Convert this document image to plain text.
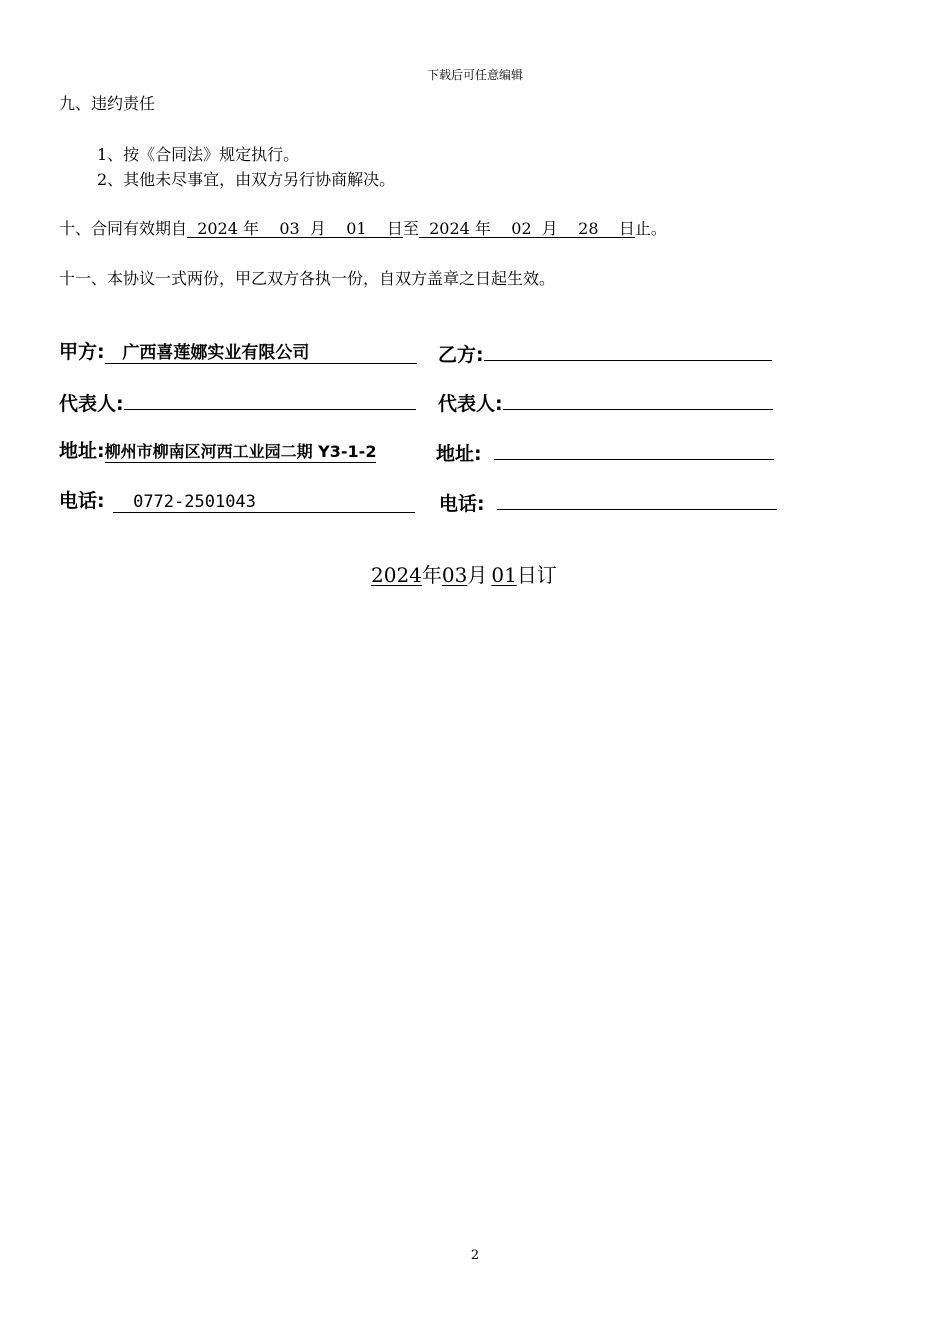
下载后可任意编辑
九、违约责任
1、按《合同法》规定执行。
2、其他未尽事宜，由双方另行协商解决。
十、合同有效期自  2024 年    03  月    01    日至  2024 年    02  月    28    日止。
十一、本协议一式两份，甲乙双方各执一份，自双方盖章之日起生效。
甲方:   广西喜莲娜实业有限公司	乙方:
代表人:	代表人:
地址:柳州市柳南区河西工业园二期 Y3-1-2	地址:
电话:  0772-2501043	电话:
2024年03月 01日订
2
